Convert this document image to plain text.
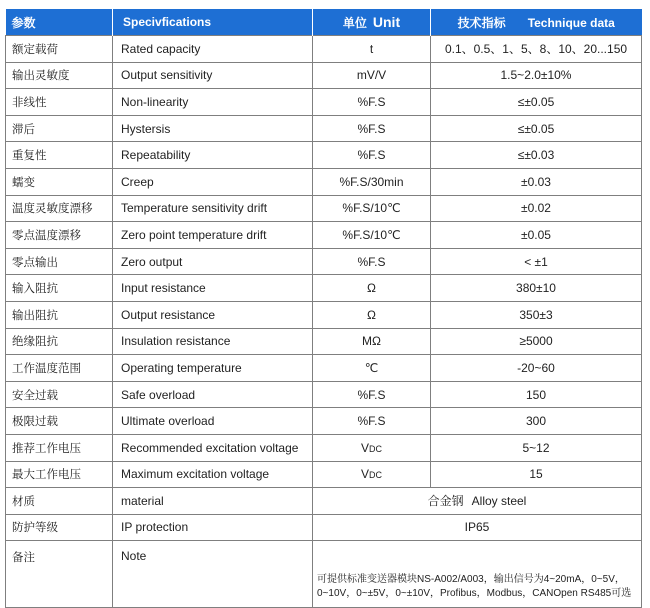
参数	Specivfications	单位 Unit	技术指标 Technique data
额定载荷	Rated capacity	t	0.1、0.5、1、5、8、10、20...150
输出灵敏度	Output sensitivity	mV/V	1.5~2.0±10%
非线性	Non-linearity	%F.S	≤±0.05
滞后	Hystersis	%F.S	≤±0.05
重复性	Repeatability	%F.S	≤±0.03
蠕变	Creep	%F.S/30min	±0.03
温度灵敏度漂移	Temperature sensitivity drift	%F.S/10℃	±0.02
零点温度漂移	Zero point temperature drift	%F.S/10℃	±0.05
零点输出	Zero output	%F.S	< ±1
输入阻抗	Input resistance	Ω	380±10
输出阻抗	Output resistance	Ω	350±3
绝缘阻抗	Insulation resistance	MΩ	≥5000
工作温度范围	Operating temperature	℃	-20~60
安全过载	Safe overload	%F.S	150
极限过载	Ultimate overload	%F.S	300
推荐工作电压	Recommended excitation voltage	VDC	5~12
最大工作电压	Maximum excitation voltage	VDC	15
材质	material	合金钢 Alloy steel	
防护等级	IP protection	IP65	
备注	Note	可提供标准变送器模块NS-A002/A003，输出信号为4~20mA，0~5V，0~10V，0~±5V，0~±10V，Profibus，Modbus，CANOpen RS485可选	
